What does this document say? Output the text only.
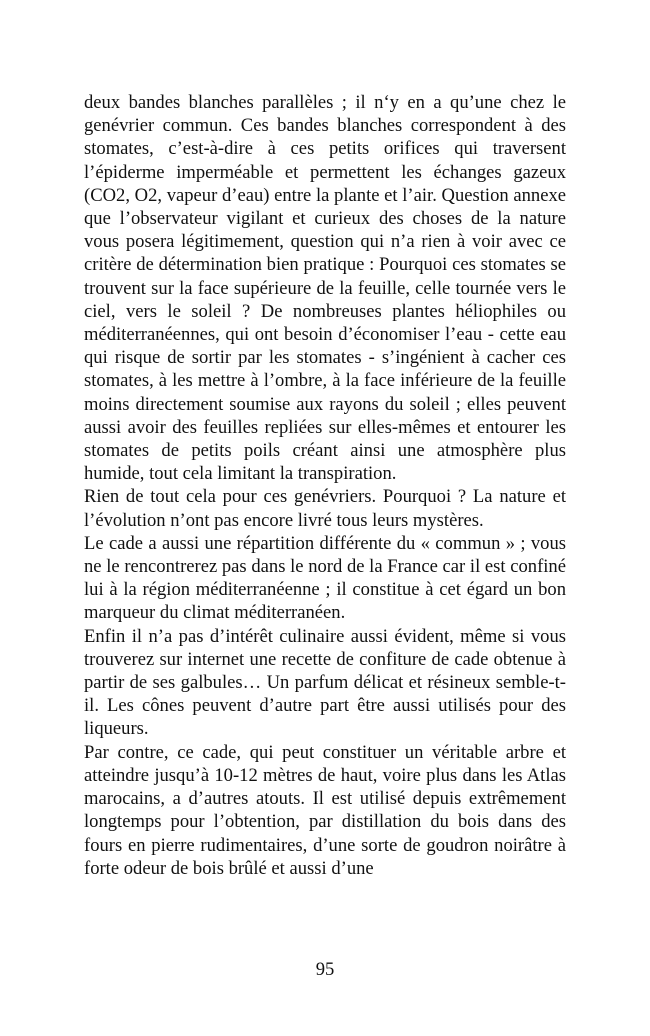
deux bandes blanches parallèles ; il n‘y en a qu’une chez le genévrier commun. Ces bandes blanches correspondent à des stomates, c’est-à-dire à ces petits orifices qui traversent l’épiderme imperméable et permettent les échanges gazeux (CO2, O2, vapeur d’eau) entre la plante et l’air. Question annexe que l’observateur vigilant et curieux des choses de la nature vous posera légitimement, question qui n’a rien à voir avec ce critère de détermination bien pratique : Pourquoi ces stomates se trouvent sur la face supérieure de la feuille, celle tournée vers le ciel, vers le soleil ? De nombreuses plantes héliophiles ou méditerranéennes, qui ont besoin d’économiser l’eau - cette eau qui risque de sortir par les stomates - s’ingénient à cacher ces stomates, à les mettre à l’ombre, à la face inférieure de la feuille moins directement soumise aux rayons du soleil ; elles peuvent aussi avoir des feuilles repliées sur elles-mêmes et entourer les stomates de petits poils créant ainsi une atmosphère plus humide, tout cela limitant la transpiration.

Rien de tout cela pour ces genévriers. Pourquoi ? La nature et l’évolution n’ont pas encore livré tous leurs mystères.

Le cade a aussi une répartition différente du « commun » ; vous ne le rencontrerez pas dans le nord de la France car il est confiné lui à la région méditerranéenne ; il constitue à cet égard un bon marqueur du climat méditerranéen.

Enfin il n’a pas d’intérêt culinaire aussi évident, même si vous trouverez sur internet une recette de confiture de cade obtenue à partir de ses galbules… Un parfum délicat et résineux semble-t-il. Les cônes peuvent d’autre part être aussi utilisés pour des liqueurs.

Par contre, ce cade, qui peut constituer un véritable arbre et atteindre jusqu’à 10-12 mètres de haut, voire plus dans les Atlas marocains, a d’autres atouts. Il est utilisé depuis extrêmement longtemps pour l’obtention, par distillation du bois dans des fours en pierre rudimentaires, d’une sorte de goudron noirâtre à forte odeur de bois brûlé et aussi d’une

95
